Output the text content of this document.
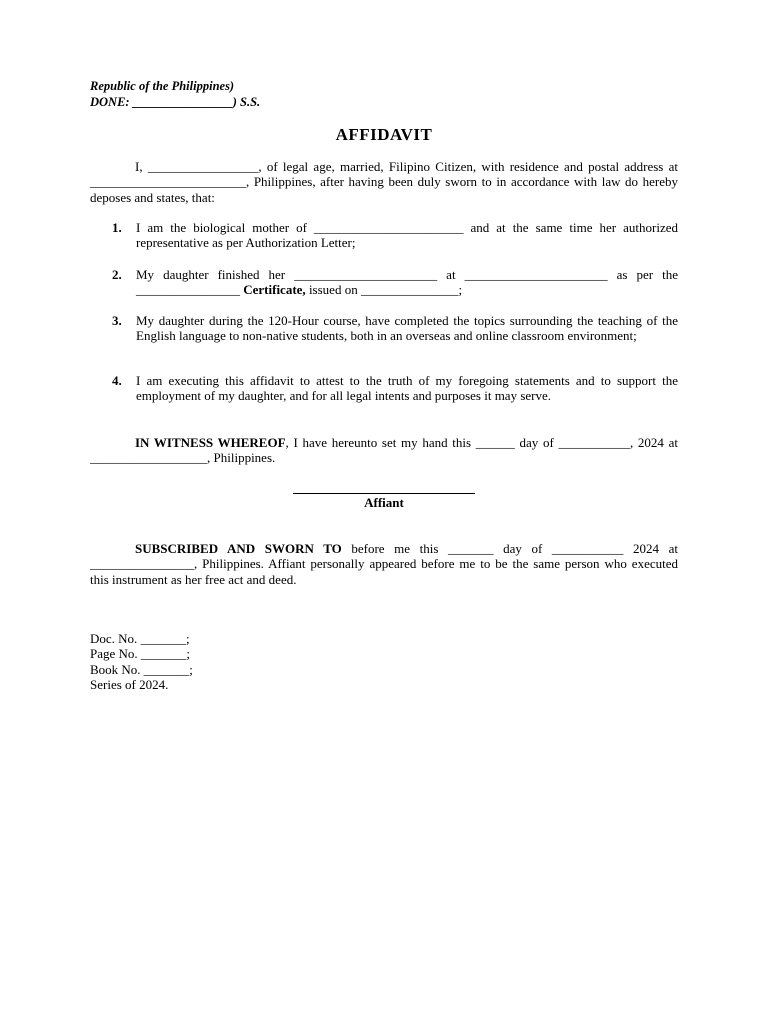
Republic of the Philippines)
DONE: ________________) S.S.
AFFIDAVIT
I, _________________, of legal age, married, Filipino Citizen, with residence and postal address at ________________________, Philippines, after having been duly sworn to in accordance with law do hereby deposes and states, that:
1. I am the biological mother of _______________________ and at the same time her authorized representative as per Authorization Letter;
2. My daughter finished her ______________________ at ______________________ as per the ________________ Certificate, issued on _______________;
3. My daughter during the 120-Hour course, have completed the topics surrounding the teaching of the English language to non-native students, both in an overseas and online classroom environment;
4. I am executing this affidavit to attest to the truth of my foregoing statements and to support the employment of my daughter, and for all legal intents and purposes it may serve.
IN WITNESS WHEREOF, I have hereunto set my hand this ______ day of ___________, 2024 at __________________, Philippines.
Affiant
SUBSCRIBED AND SWORN TO before me this _______ day of ___________ 2024 at ________________, Philippines. Affiant personally appeared before me to be the same person who executed this instrument as her free act and deed.
Doc. No. _______;
Page No. _______;
Book No. _______;
Series of 2024.
